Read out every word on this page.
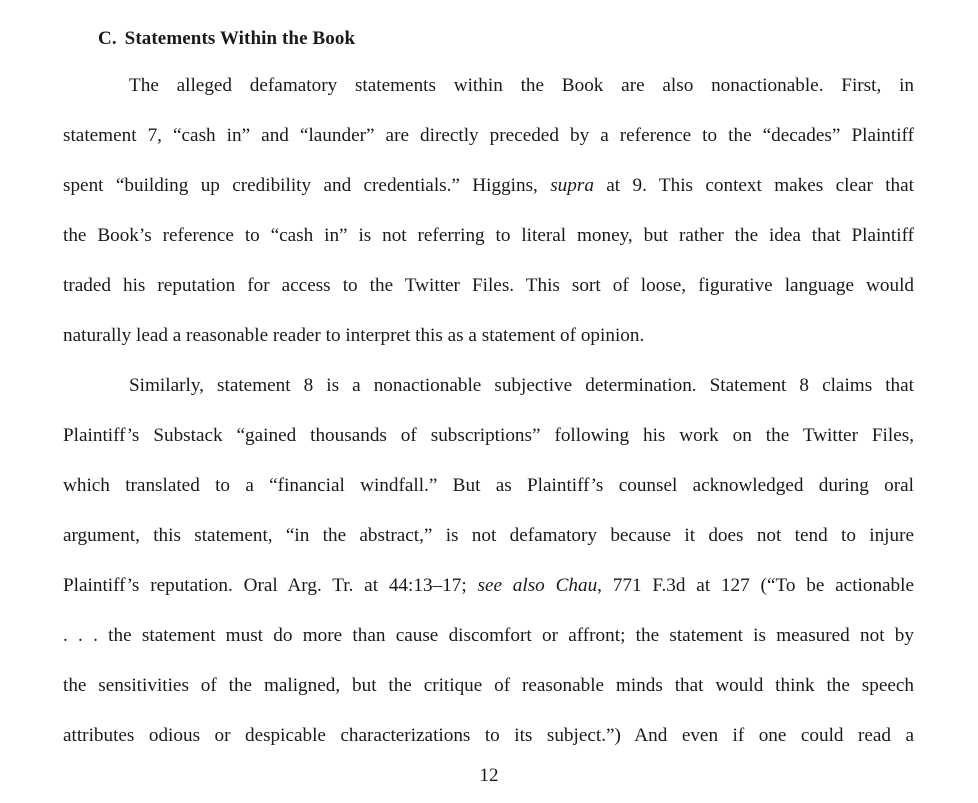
C. Statements Within the Book
The alleged defamatory statements within the Book are also nonactionable. First, in
statement 7, “cash in” and “launder” are directly preceded by a reference to the “decades” Plaintiff
spent “building up credibility and credentials.” Higgins, supra at 9. This context makes clear that
the Book’s reference to “cash in” is not referring to literal money, but rather the idea that Plaintiff
traded his reputation for access to the Twitter Files. This sort of loose, figurative language would
naturally lead a reasonable reader to interpret this as a statement of opinion.
Similarly, statement 8 is a nonactionable subjective determination. Statement 8 claims that
Plaintiff’s Substack “gained thousands of subscriptions” following his work on the Twitter Files,
which translated to a “financial windfall.” But as Plaintiff’s counsel acknowledged during oral
argument, this statement, “in the abstract,” is not defamatory because it does not tend to injure
Plaintiff’s reputation. Oral Arg. Tr. at 44:13–17; see also Chau, 771 F.3d at 127 (“To be actionable
. . . the statement must do more than cause discomfort or affront; the statement is measured not by
the sensitivities of the maligned, but the critique of reasonable minds that would think the speech
attributes odious or despicable characterizations to its subject.”) And even if one could read a
12
